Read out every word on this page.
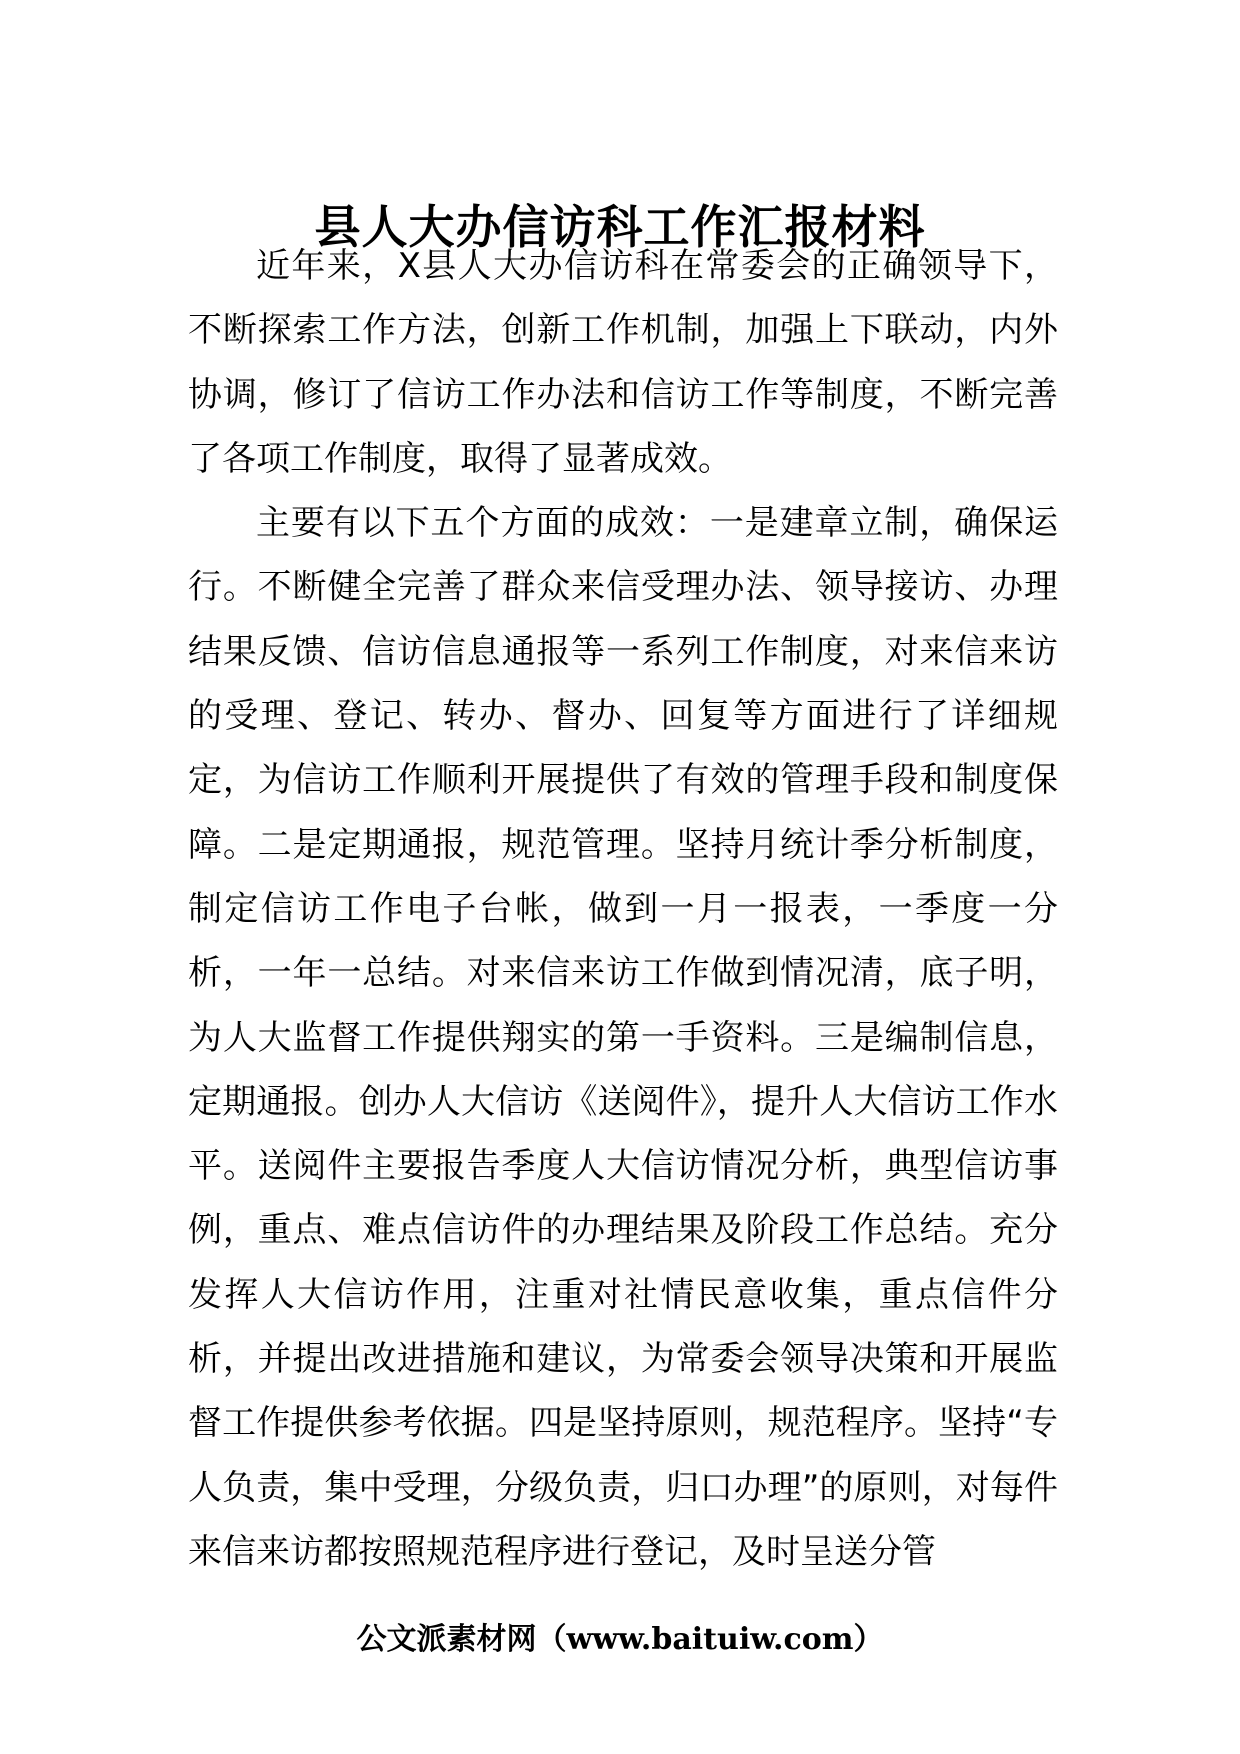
县人大办信访科工作汇报材料

近年来，X县人大办信访科在常委会的正确领导下，不断探索工作方法，创新工作机制，加强上下联动，内外协调，修订了信访工作办法和信访工作等制度，不断完善了各项工作制度，取得了显著成效。

主要有以下五个方面的成效：一是建章立制，确保运行。不断健全完善了群众来信受理办法、领导接访、办理结果反馈、信访信息通报等一系列工作制度，对来信来访的受理、登记、转办、督办、回复等方面进行了详细规定，为信访工作顺利开展提供了有效的管理手段和制度保障。二是定期通报，规范管理。坚持月统计季分析制度，制定信访工作电子台帐，做到一月一报表，一季度一分析，一年一总结。对来信来访工作做到情况清，底子明，为人大监督工作提供翔实的第一手资料。三是编制信息，定期通报。创办人大信访《送阅件》，提升人大信访工作水平。送阅件主要报告季度人大信访情况分析，典型信访事例，重点、难点信访件的办理结果及阶段工作总结。充分发挥人大信访作用，注重对社情民意收集，重点信件分析，并提出改进措施和建议，为常委会领导决策和开展监督工作提供参考依据。四是坚持原则，规范程序。坚持“专人负责，集中受理，分级负责，归口办理”的原则，对每件来信来访都按照规范程序进行登记，及时呈送分管

公文派素材网（www.baituiw.com）
